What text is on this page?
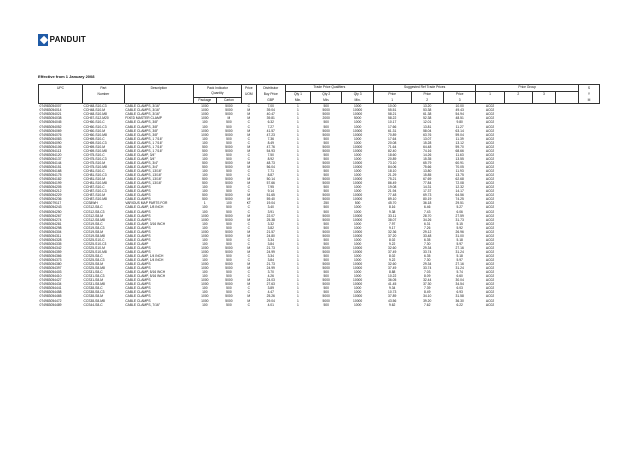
PANDUIT
Effective from 1 January 2008
UPC	Part	Description	Pack Indicator		Price	Distributor	Trade Price Qualifiers			Suggested Ref Trade Prices			Price Group				S
	Number		Quantity		UOM	Buy Price	Qty 1	Qty 2	Qty 3	Price	Price	Price	1	2	3		Y
			Package	Carton		GBP	Min.	Min.	Min.	1	2	3					M
074983054007	CCH48-S10-C3	CABLE CLAMPS, 3/16"	1000	5000	C	7.00	1	500	1000	10.00	13.20	10.00	AC02				
074983054014	CCH48-S10-M	CABLE CLAMPS, 3/16"	1000	5000	M	39.04	1	5000	10000	55.51	53.38	49.43	AC02				
074983054021	CCH48-S10-M8	CABLE CLAMPS, 3/16"	1000	5000	M	40.47	1	5000	10000	58.21	61.38	54.94	AC02				
074983054038	CCH57-S12-M20	FIXED MASTER CLAMP	1000	M	M	39.81	1	2000	5000	58.22	52.38	48.51	AC02				
074983054045	CCH60-S10-C	CABLE CLAMPS, 3/8"	100	500	C	6.32	1	500	1000	10.17	12.01	9.80	AC02				
074983054052	CCH60-S10-C3	CABLE CLAMPS, 3/8"	100	500	C	7.27	1	500	1000	17.66	13.81	11.27	AC02				
074983054069	CCH60-S10-M	CABLE CLAMPS, 3/8"	1000	5000	M	41.57	1	5000	10000	61.31	58.04	63.14	AC02				
074983054076	CCH60-S10-M8	CABLE CLAMPS, 3/8"	1000	5000	M	47.23	1	5000	10000	70.89	63.76	59.04	AC02				
074983054083	CCH69-S10-C	CABLE CLAMPS, 1 7/16"	100	500	C	7.36	1	500	1000	17.64	13.07	11.39	AC02				
074983054090	CCH69-S10-C3	CABLE CLAMPS, 1 7/16"	100	500	C	8.49	1	500	1000	20.08	15.28	13.12	AC02				
074983054106	CCH69-S10-M	CABLE CLAMPS, 1 7/16"	500	5000	M	47.76	1	5000	10000	71.64	64.48	59.70	AC02				
074983054113	CCH69-S10-M8	CABLE CLAMPS, 1 7/16"	500	5000	M	54.93	1	5000	10000	82.40	74.16	68.66	AC02				
074983054120	CCH75-S10-C	CABLE CLAMP, 3/4"	100	500	C	7.50	1	500	1000	18.60	14.26	11.63	AC02				
074983054137	CCH75-S10-C3	CABLE CLAMP, 3/4"	100	500	C	8.92	1	500	1000	20.89	15.35	13.55	AC02				
074983054144	CCH75-S10-M	CABLE CLAMPS, 3/4"	500	5000	M	48.73	1	5000	10000	73.10	65.79	60.91	AC02				
074983054151	CCH75-S10-M8	CABLE CLAMPS, 3/4"	500	5000	M	56.04	1	5000	10000	84.06	75.66	70.05	AC02				
074983054168	CCH81-S10-C	CABLE CLAMPS, 13/16"	100	500	C	7.71	1	500	1000	18.10	13.80	11.93	AC02				
074983054175	CCH81-S10-C3	CABLE CLAMPS, 13/16"	100	500	C	8.87	1	500	1000	21.29	15.85	13.75	AC02				
074983054182	CCH81-S10-M	CABLE CLAMPS, 13/16"	500	5000	M	50.14	1	5000	10000	75.21	67.69	62.68	AC02				
074983054199	CCH81-S10-M8	CABLE CLAMPS, 13/16"	500	5000	M	57.66	1	5000	10000	86.49	77.84	72.08	AC02				
074983054205	CCH87-S10-C	CABLE CLAMPS	100	500	C	7.95	1	500	1000	19.08	14.31	12.32	AC02				
074983054212	CCH87-S10-C3	CABLE CLAMPS	100	500	C	9.14	1	500	1000	21.94	17.37	14.17	AC02				
074983054229	CCH87-S10-M	CABLE CLAMPS	500	5000	M	51.65	1	5000	10000	77.48	69.73	64.56	AC02				
074983054236	CCH87-S10-M8	CABLE CLAMPS	500	5000	M	59.40	1	5000	10000	89.10	80.19	74.25	AC02				
074983079117	CCS8WH	VARIOUS MAP PARTS FOR	1	100	KT	19.04	1	250	500	45.70	36.18	29.51	AC02				
074983054243	CCS12-S8-C	CABLE CLAMP, 1/8 INCH	100	500	C	3.40	1	500	1000	8.16	6.46	5.27	AC02				
074983054250	CCS12-S8-C3	CABLE CLAMPS	100	500	C	3.91	1	500	1000	9.38	7.43	6.06	AC02				
074983054267	CCS12-S8-M	CABLE CLAMPS	1000	5000	M	22.07	1	5000	10000	33.11	28.70	27.59	AC02				
074983054274	CCS12-S8-M8	CABLE CLAMPS	1000	5000	M	25.38	1	5000	10000	38.07	34.26	31.73	AC02				
074983054281	CCS19-S8-C	CABLE CLAMP, 3/16 INCH	100	500	C	3.32	1	500	1000	7.97	6.31	5.15	AC02				
074983054298	CCS19-S8-C3	CABLE CLAMPS	100	500	C	3.82	1	500	1000	9.17	7.26	5.92	AC02				
074983054304	CCS19-S8-M	CABLE CLAMPS	1000	5000	M	21.57	1	5000	10000	32.36	29.12	26.96	AC02				
074983054311	CCS19-S8-M8	CABLE CLAMPS	1000	5000	M	24.80	1	5000	10000	37.20	33.48	31.00	AC02				
074983054328	CCS25-S10-C	CABLE CLAMPS	100	500	C	3.34	1	500	1000	8.02	6.35	5.18	AC02				
074983054335	CCS25-S10-C3	CABLE CLAMP	100	500	C	3.84	1	500	1000	9.22	7.30	5.97	AC02				
074983054342	CCS25-S10-M	CABLE CLAMPS	1000	5000	M	21.73	1	5000	10000	32.60	29.34	27.16	AC02				
074983054359	CCS25-S10-M8	CABLE CLAMPS	1000	5000	M	24.99	1	5000	10000	37.49	33.74	31.24	AC02				
074983054366	CCS25-S8-C	CABLE CLAMP, 1/4 INCH	100	500	C	3.34	1	500	1000	8.02	6.35	5.18	AC02				
074983054373	CCS25-S8-C3	CABLE CLAMP, 1/4 INCH	100	500	C	3.84	1	500	1000	9.22	7.30	5.97	AC02				
074983054380	CCS25-S8-M	CABLE CLAMPS	1000	5000	M	21.73	1	5000	10000	32.60	29.34	27.16	AC02				
074983054397	CCS25-S8-M8	CABLE CLAMPS	1000	5000	M	24.99	1	5000	10000	37.49	33.74	31.24	AC02				
074983054403	CCS31-S8-C	CABLE CLAMP, 5/16 INCH	100	500	C	3.70	1	500	1000	8.88	7.03	5.74	AC02				
074983054410	CCS31-S8-C3	CABLE CLAMP, 5/16 INCH	100	500	C	4.26	1	500	1000	10.22	8.09	6.60	AC02				
074983054427	CCS31-S8-M	CABLE CLAMPS	1000	5000	M	24.03	1	5000	10000	36.05	32.44	30.04	AC02				
074983054434	CCS31-S8-M8	CABLE CLAMPS	1000	5000	M	27.63	1	5000	10000	41.45	37.30	34.54	AC02				
074983054441	CCS38-S8-C	CABLE CLAMPS	100	500	C	3.89	1	500	1000	9.34	7.39	6.03	AC02				
074983054458	CCS38-S8-C3	CABLE CLAMPS	100	500	C	4.47	1	500	1000	10.73	8.49	6.93	AC02				
074983054465	CCS38-S8-M	CABLE CLAMPS	1000	5000	M	25.26	1	5000	10000	37.89	34.10	31.58	AC02				
074983054472	CCS38-S8-M8	CABLE CLAMPS	1000	5000	M	29.04	1	5000	10000	43.56	39.20	36.30	AC02				
074983054489	CCS44-S8-C	CABLE CLAMPS, 7/16"	100	500	C	4.01	1	500	1000	9.62	7.62	6.22	AC02				
